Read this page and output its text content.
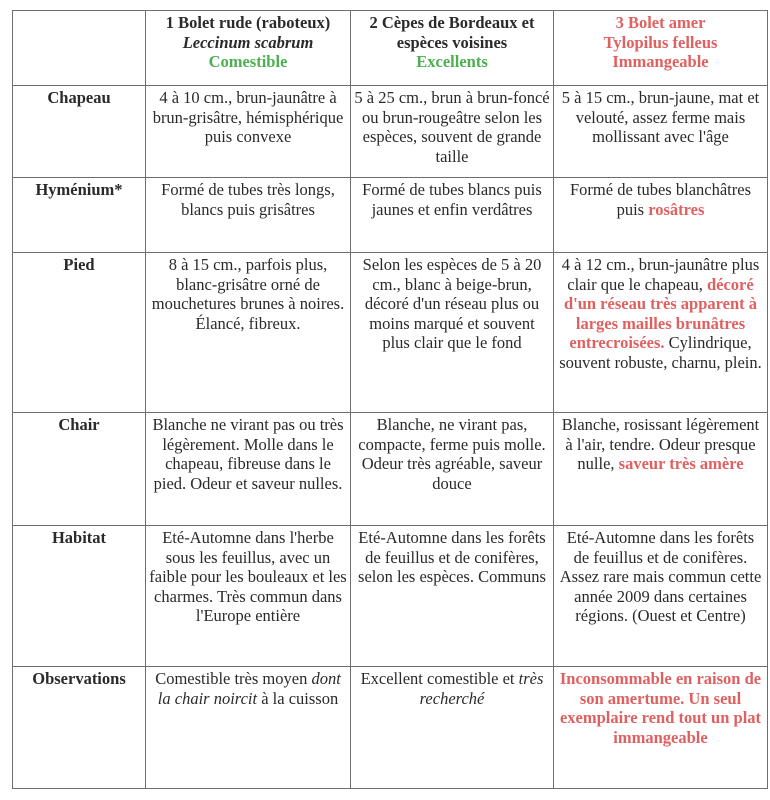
	1 Bolet rude (raboteux)
Leccinum scabrum
Comestible	2 Cèpes de Bordeaux et espèces voisines
Excellents	3 Bolet amer
Tylopilus felleus
Immangeable

Chapeau	4 à 10 cm., brun-jaunâtre à brun-grisâtre, hémisphérique puis convexe	5 à 25 cm., brun à brun-foncé ou brun-rougeâtre selon les espèces, souvent de grande taille	5 à 15 cm., brun-jaune, mat et velouté, assez ferme mais mollissant avec l'âge
Hyménium*	Formé de tubes très longs, blancs puis grisâtres	Formé de tubes blancs puis jaunes et enfin verdâtres	Formé de tubes blanchâtres puis rosâtres
Pied	8 à 15 cm., parfois plus, blanc-grisâtre orné de mouchetures brunes à noires. Élancé, fibreux.	Selon les espèces de 5 à 20 cm., blanc à beige-brun, décoré d'un réseau plus ou moins marqué et souvent plus clair que le fond	4 à 12 cm., brun-jaunâtre plus clair que le chapeau, décoré d'un réseau très apparent à larges mailles brunâtres entrecroisées. Cylindrique, souvent robuste, charnu, plein.
Chair	Blanche ne virant pas ou très légèrement. Molle dans le chapeau, fibreuse dans le pied. Odeur et saveur nulles.	Blanche, ne virant pas, compacte, ferme puis molle. Odeur très agréable, saveur douce	Blanche, rosissant légèrement à l'air, tendre. Odeur presque nulle, saveur très amère
Habitat	Eté-Automne dans l'herbe sous les feuillus, avec un faible pour les bouleaux et les charmes. Très commun dans l'Europe entière	Eté-Automne dans les forêts de feuillus et de conifères, selon les espèces. Communs	Eté-Automne dans les forêts de feuillus et de conifères. Assez rare mais commun cette année 2009 dans certaines régions. (Ouest et Centre)
Observations	Comestible très moyen dont la chair noircit à la cuisson	Excellent comestible et très recherché	Inconsommable en raison de son amertume. Un seul exemplaire rend tout un plat immangeable
